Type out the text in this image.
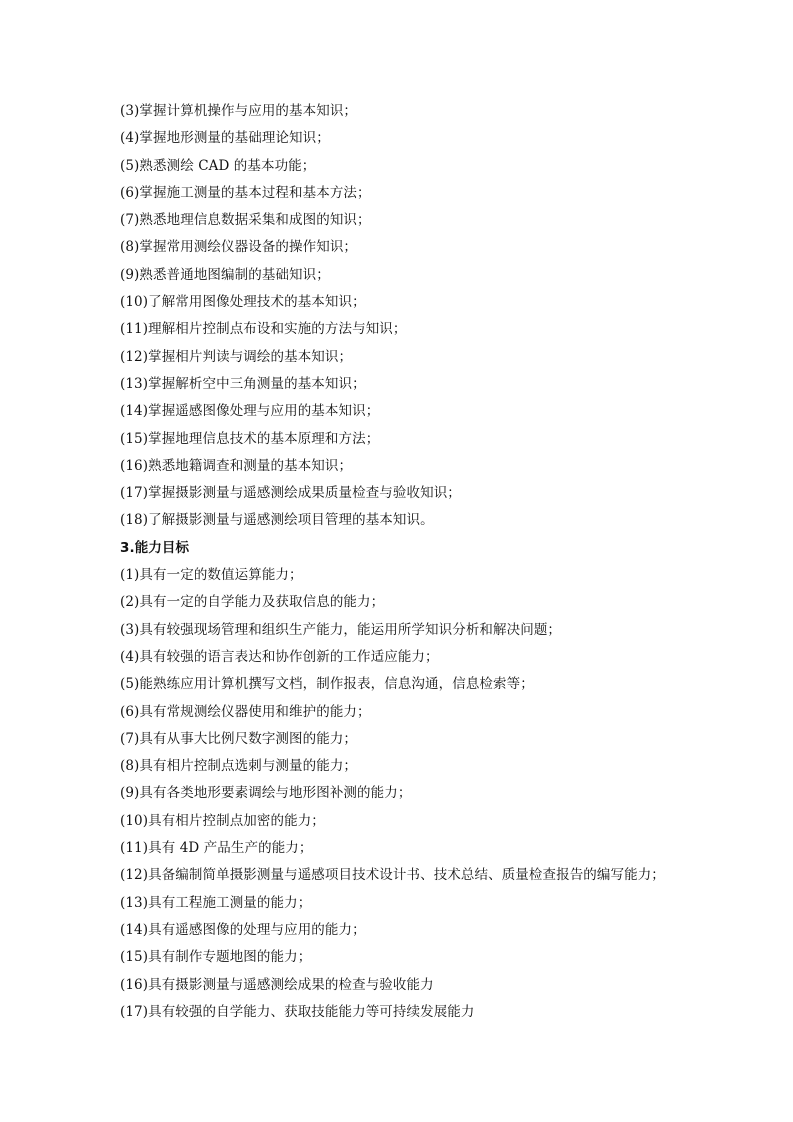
(3)掌握计算机操作与应用的基本知识；
(4)掌握地形测量的基础理论知识；
(5)熟悉测绘 CAD 的基本功能；
(6)掌握施工测量的基本过程和基本方法；
(7)熟悉地理信息数据采集和成图的知识；
(8)掌握常用测绘仪器设备的操作知识；
(9)熟悉普通地图编制的基础知识；
(10)了解常用图像处理技术的基本知识；
(11)理解相片控制点布设和实施的方法与知识；
(12)掌握相片判读与调绘的基本知识；
(13)掌握解析空中三角测量的基本知识；
(14)掌握遥感图像处理与应用的基本知识；
(15)掌握地理信息技术的基本原理和方法；
(16)熟悉地籍调查和测量的基本知识；
(17)掌握摄影测量与遥感测绘成果质量检查与验收知识；
(18)了解摄影测量与遥感测绘项目管理的基本知识。
3.能力目标
(1)具有一定的数值运算能力；
(2)具有一定的自学能力及获取信息的能力；
(3)具有较强现场管理和组织生产能力，能运用所学知识分析和解决问题；
(4)具有较强的语言表达和协作创新的工作适应能力；
(5)能熟练应用计算机撰写文档，制作报表，信息沟通，信息检索等；
(6)具有常规测绘仪器使用和维护的能力；
(7)具有从事大比例尺数字测图的能力；
(8)具有相片控制点选刺与测量的能力；
(9)具有各类地形要素调绘与地形图补测的能力；
(10)具有相片控制点加密的能力；
(11)具有 4D 产品生产的能力；
(12)具备编制简单摄影测量与遥感项目技术设计书、技术总结、质量检查报告的编写能力；
(13)具有工程施工测量的能力；
(14)具有遥感图像的处理与应用的能力；
(15)具有制作专题地图的能力；
(16)具有摄影测量与遥感测绘成果的检查与验收能力
(17)具有较强的自学能力、获取技能能力等可持续发展能力
